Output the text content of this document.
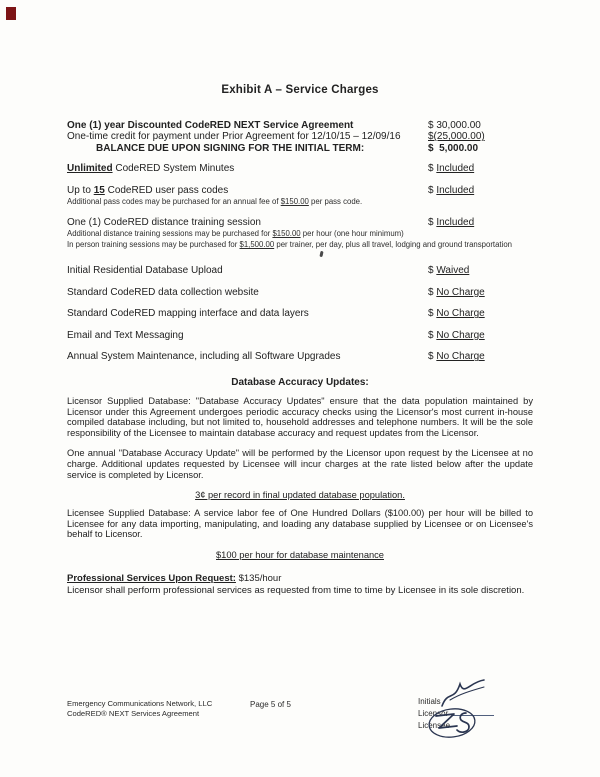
Exhibit A – Service Charges
One (1) year Discounted CodeRED NEXT Service Agreement	$ 30,000.00
One-time credit for payment under Prior Agreement for 12/10/15 – 12/09/16	$(25,000.00)
BALANCE DUE UPON SIGNING FOR THE INITIAL TERM:	$  5,000.00
Unlimited CodeRED System Minutes	$ Included
Up to 15 CodeRED user pass codes	$ Included
Additional pass codes may be purchased for an annual fee of $150.00 per pass code.
One (1) CodeRED distance training session	$ Included
Additional distance training sessions may be purchased for $150.00 per hour (one hour minimum)
In person training sessions may be purchased for $1,500.00 per trainer, per day, plus all travel, lodging and ground transportation
Initial Residential Database Upload	$ Waived
Standard CodeRED data collection website	$ No Charge
Standard CodeRED mapping interface and data layers	$ No Charge
Email and Text Messaging	$ No Charge
Annual System Maintenance, including all Software Upgrades	$ No Charge
Database Accuracy Updates:

Licensor Supplied Database: "Database Accuracy Updates" ensure that the data population maintained by Licensor under this Agreement undergoes periodic accuracy checks using the Licensor's most current in-house compiled database including, but not limited to, household addresses and telephone numbers. It will be the sole responsibility of the Licensee to maintain database accuracy and request updates from the Licensor.

One annual "Database Accuracy Update" will be performed by the Licensor upon request by the Licensee at no charge. Additional updates requested by Licensee will incur charges at the rate listed below after the update service is completed by Licensor.

3¢ per record in final updated database population.

Licensee Supplied Database: A service labor fee of One Hundred Dollars ($100.00) per hour will be billed to Licensee for any data importing, manipulating, and loading any database supplied by Licensee or on Licensee's behalf to Licensor.

$100 per hour for database maintenance
Professional Services Upon Request: $135/hour
Licensor shall perform professional services as requested from time to time by Licensee in its sole discretion.
Emergency Communications Network, LLC
CodeRED® NEXT Services Agreement
Page 5 of 5	Initials
Licensor
Licensee
